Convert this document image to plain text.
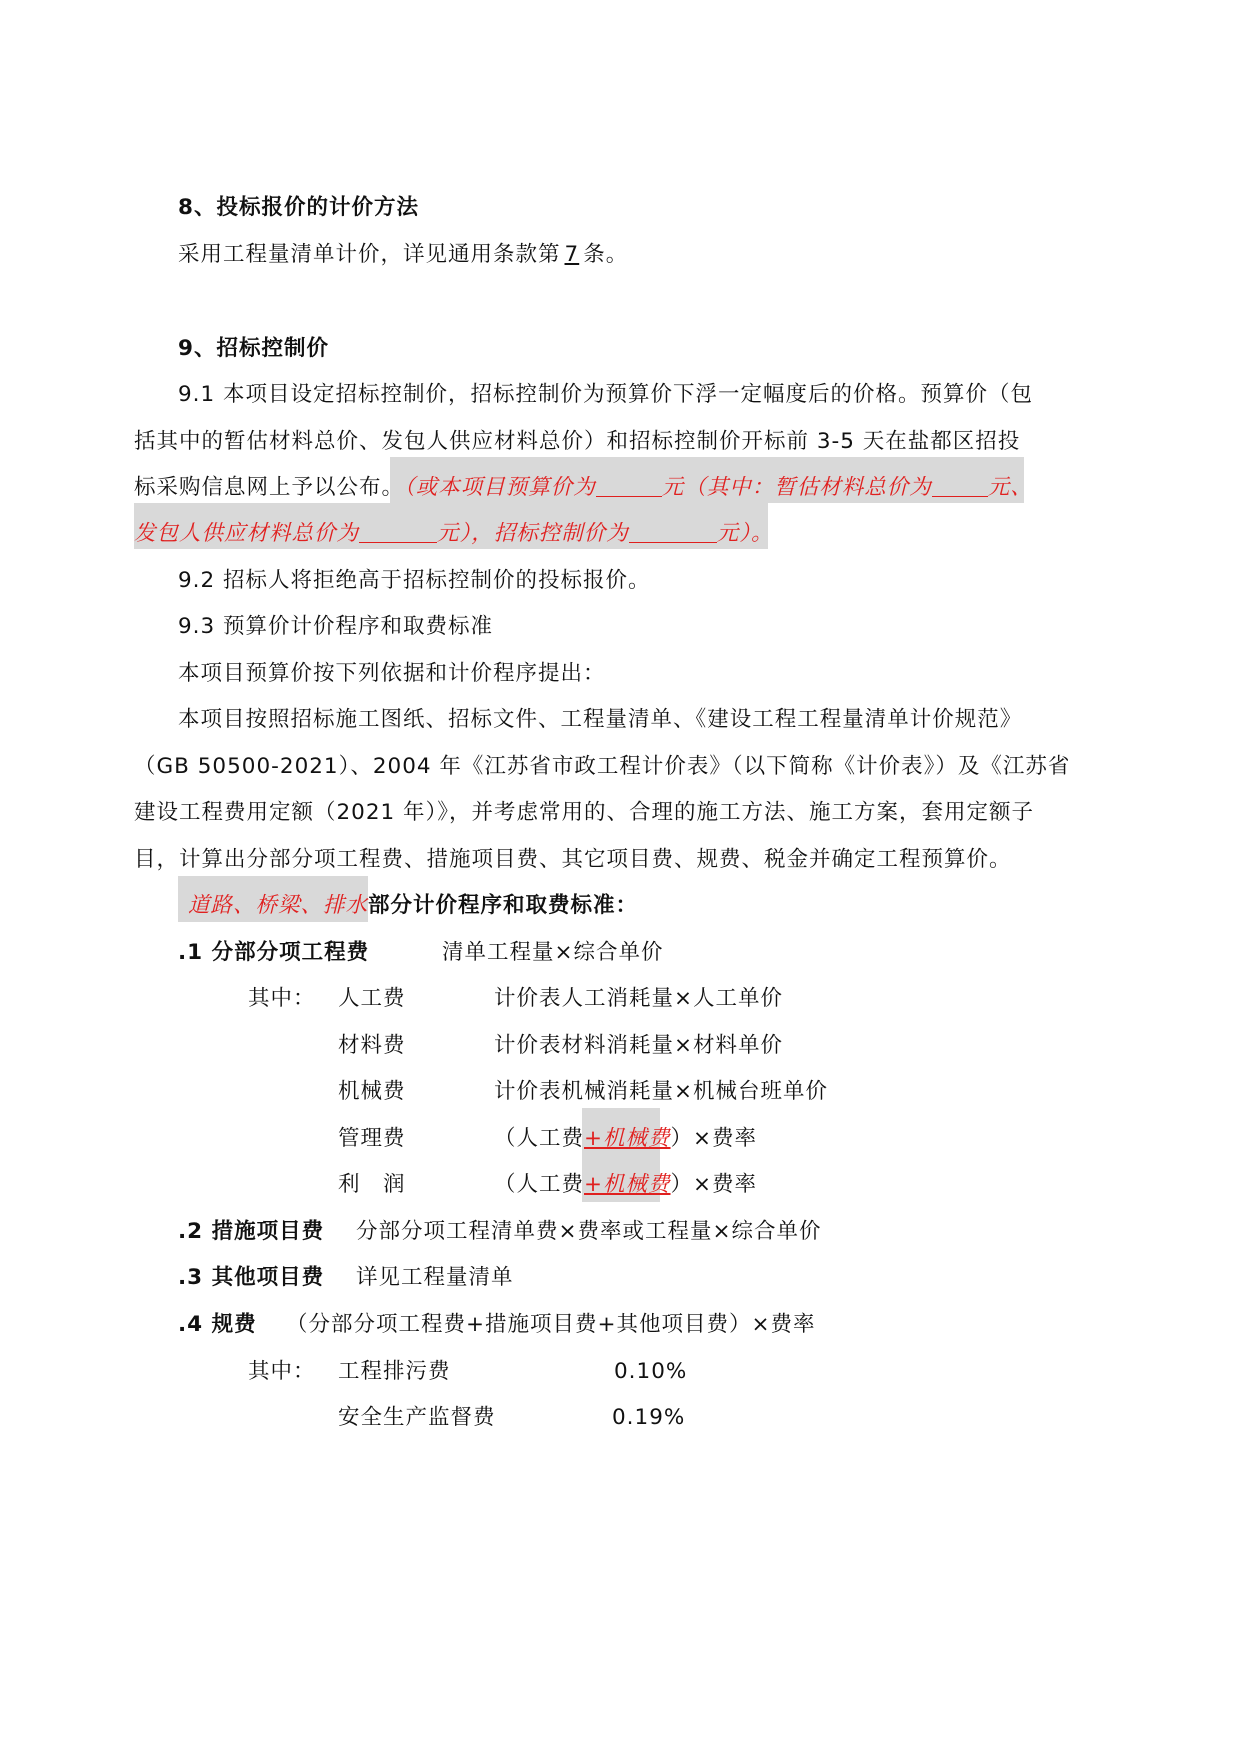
8、投标报价的计价方法
采用工程量清单计价，详见通用条款第 7 条。
9、招标控制价
9.1 本项目设定招标控制价，招标控制价为预算价下浮一定幅度后的价格。预算价（包
括其中的暂估材料总价、发包人供应材料总价）和招标控制价开标前 3-5 天在盐都区招投
标采购信息网上予以公布。（或本项目预算价为	元（其中：暂估材料总价为	元、
发包人供应材料总价为	元），招标控制价为	元）。
9.2 招标人将拒绝高于招标控制价的投标报价。
9.3 预算价计价程序和取费标准
本项目预算价按下列依据和计价程序提出：
本项目按照招标施工图纸、招标文件、工程量清单、《建设工程工程量清单计价规范》
（GB 50500-2021）、2004 年《江苏省市政工程计价表》（以下简称《计价表》）及《江苏省
建设工程费用定额（2021 年）》，并考虑常用的、合理的施工方法、施工方案，套用定额子
目，计算出分部分项工程费、措施项目费、其它项目费、规费、税金并确定工程预算价。
道路、桥梁、排水部分计价程序和取费标准：
.1 分部分项工程费	清单工程量×综合单价
其中： 人工费	计价表人工消耗量×人工单价
材料费	计价表材料消耗量×材料单价
机械费	计价表机械消耗量×机械台班单价
管理费	（人工费+机械费）×费率
利　润	（人工费+机械费）×费率
.2 措施项目费 分部分项工程清单费×费率或工程量×综合单价
.3 其他项目费 详见工程量清单
.4 规费 （分部分项工程费+措施项目费+其他项目费）×费率
其中： 工程排污费	0.10%
安全生产监督费	0.19%
